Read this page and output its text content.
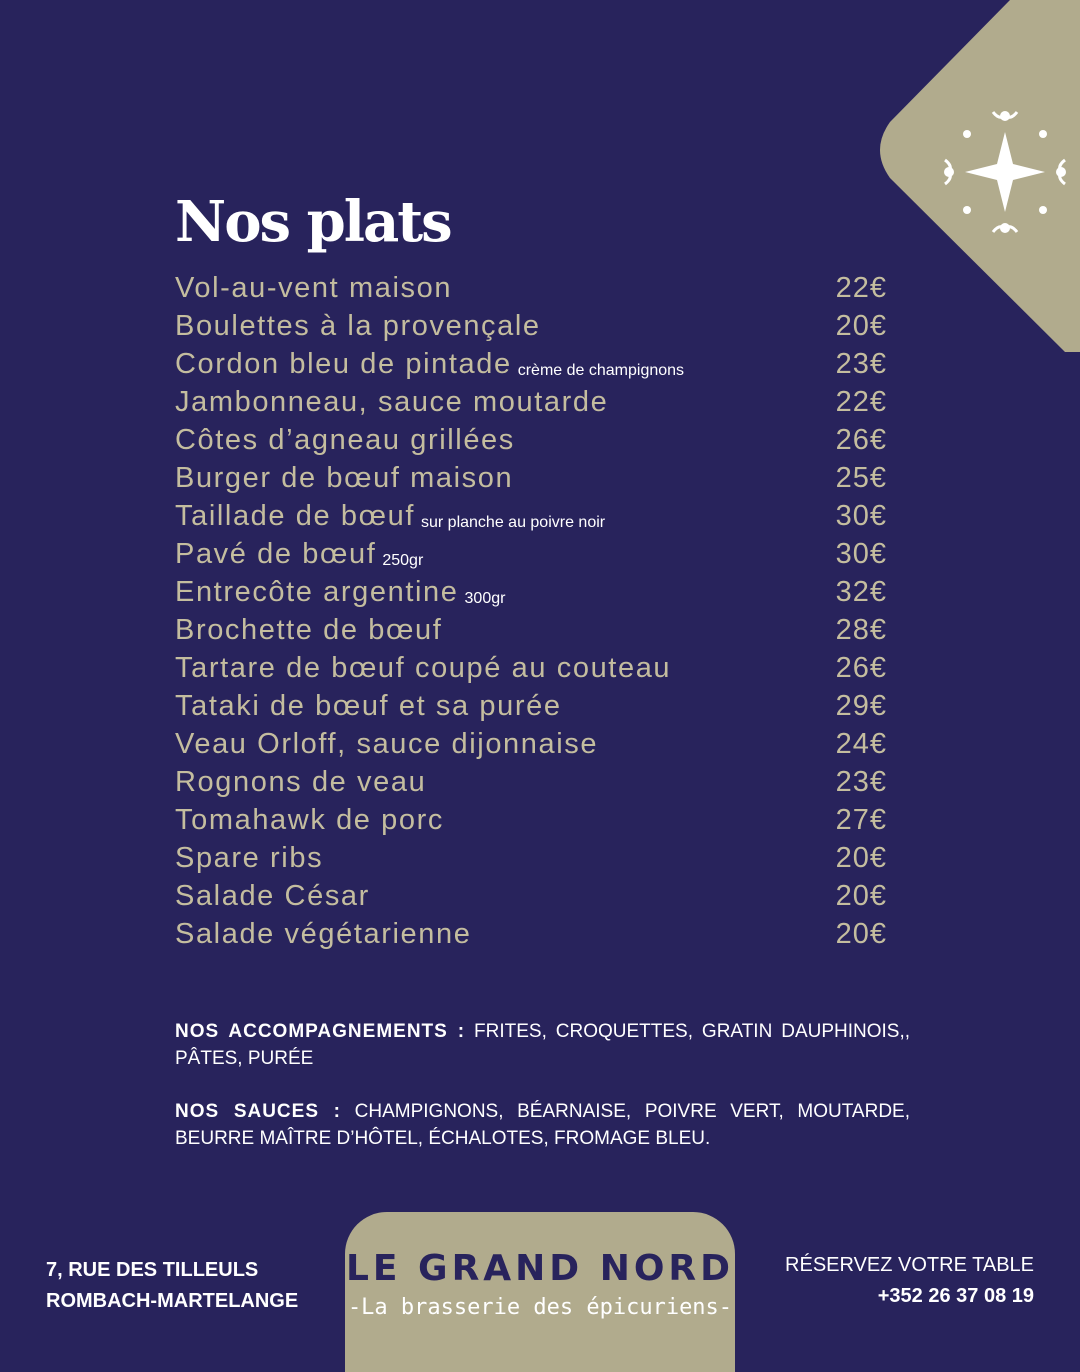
Nos plats
Vol-au-vent maison	22€
Boulettes à la provençale	20€
Cordon bleu de pintade crème de champignons	23€
Jambonneau, sauce moutarde	22€
Côtes d’agneau grillées	26€
Burger de bœuf maison	25€
Taillade de bœuf sur planche au poivre noir	30€
Pavé de bœuf 250gr	30€
Entrecôte argentine 300gr	32€
Brochette de bœuf	28€
Tartare de bœuf coupé au couteau	26€
Tataki de bœuf et sa purée	29€
Veau Orloff, sauce dijonnaise	24€
Rognons de veau	23€
Tomahawk de porc	27€
Spare ribs	20€
Salade César	20€
Salade végétarienne	20€
NOS ACCOMPAGNEMENTS : FRITES, CROQUETTES, GRATIN DAUPHINOIS,, PÂTES, PURÉE
NOS SAUCES : CHAMPIGNONS, BÉARNAISE, POIVRE VERT, MOUTARDE, BEURRE MAÎTRE D’HÔTEL, ÉCHALOTES, FROMAGE BLEU.
7, RUE DES TILLEULS
ROMBACH-MARTELANGE
LE GRAND NORD
-La brasserie des épicuriens-
RÉSERVEZ VOTRE TABLE
+352 26 37 08 19
